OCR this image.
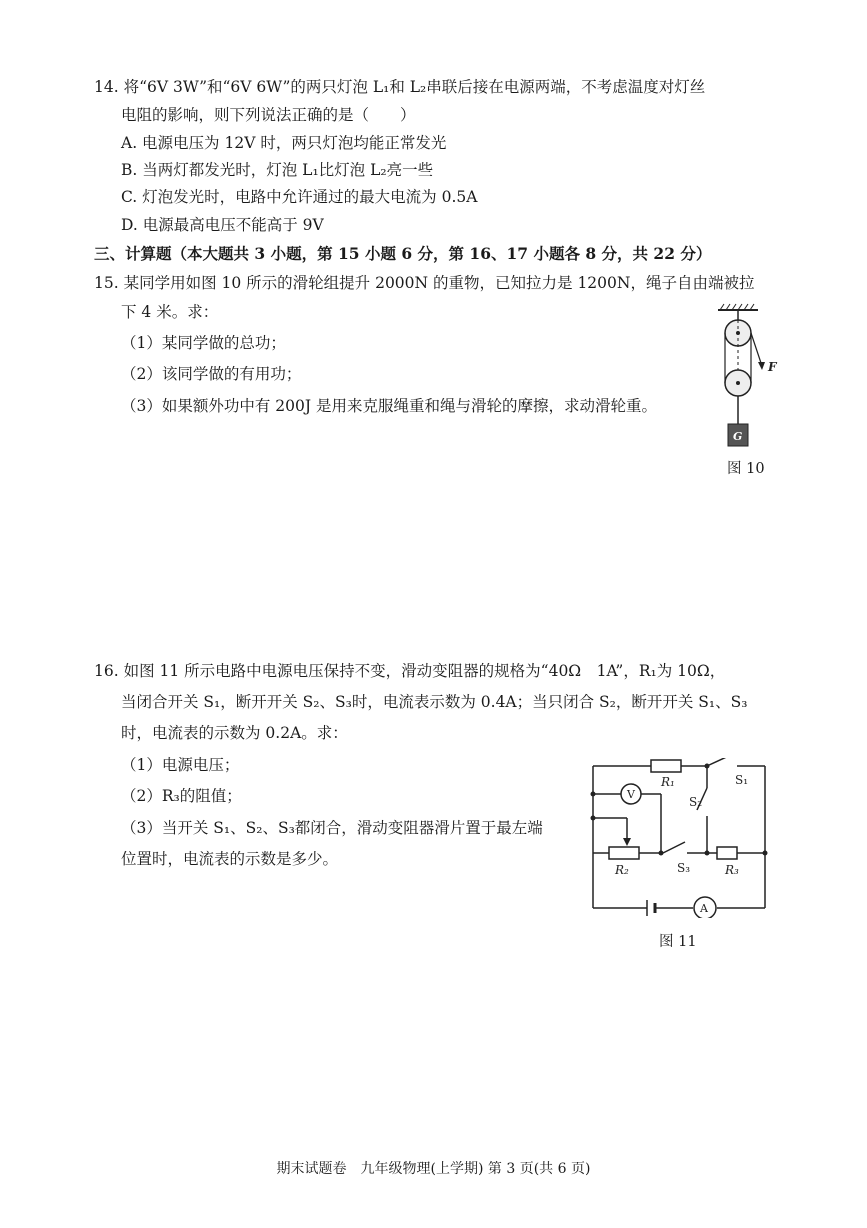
14. 将“6V 3W”和“6V 6W”的两只灯泡 L₁和 L₂串联后接在电源两端，不考虑温度对灯丝
电阻的影响，则下列说法正确的是（　　）
A. 电源电压为 12V 时，两只灯泡均能正常发光
B. 当两灯都发光时，灯泡 L₁比灯泡 L₂亮一些
C. 灯泡发光时，电路中允许通过的最大电流为 0.5A
D. 电源最高电压不能高于 9V
三、计算题（本大题共 3 小题，第 15 小题 6 分，第 16、17 小题各 8 分，共 22 分）
15. 某同学用如图 10 所示的滑轮组提升 2000N 的重物，已知拉力是 1200N，绳子自由端被拉
下 4 米。求：
（1）某同学做的总功；
（2）该同学做的有用功；
（3）如果额外功中有 200J 是用来克服绳重和绳与滑轮的摩擦，求动滑轮重。
F
G
图 10
16. 如图 11 所示电路中电源电压保持不变，滑动变阻器的规格为“40Ω　1A”，R₁为 10Ω，
当闭合开关 S₁，断开开关 S₂、S₃时，电流表示数为 0.4A；当只闭合 S₂，断开开关 S₁、S₃
时，电流表的示数为 0.2A。求：
（1）电源电压；
（2）R₃的阻值；
（3）当开关 S₁、S₂、S₃都闭合，滑动变阻器滑片置于最左端
位置时，电流表的示数是多少。
V
A
R₁
R₂	R₃
S₁
S₂
S₃
图 11
期末试题卷　九年级物理(上学期) 第 3 页(共 6 页)
